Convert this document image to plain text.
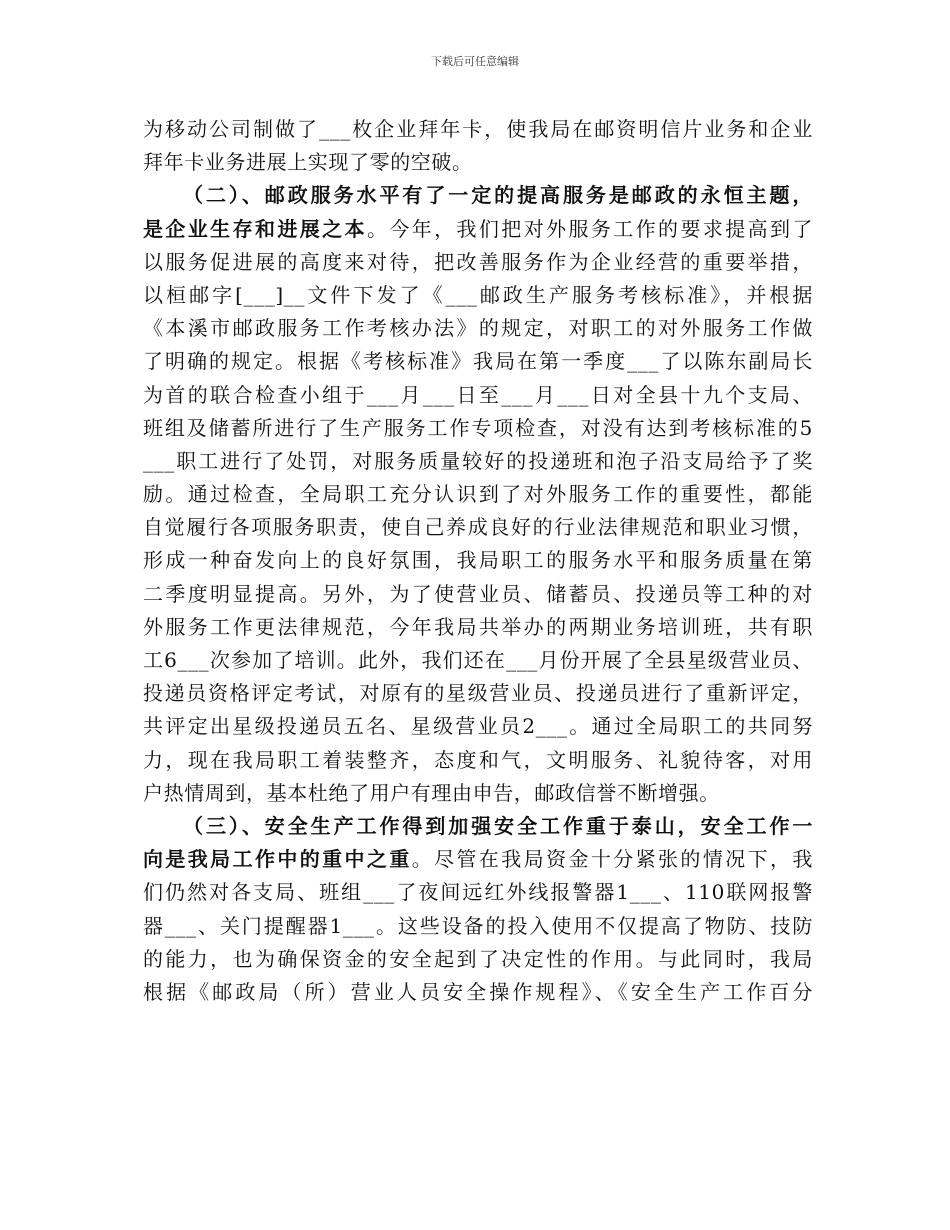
下载后可任意编辑
为移动公司制做了___枚企业拜年卡，使我局在邮资明信片业务和企业
拜年卡业务进展上实现了零的空破。
（二）、邮政服务水平有了一定的提高服务是邮政的永恒主题，
是企业生存和进展之本。今年，我们把对外服务工作的要求提高到了
以服务促进展的高度来对待，把改善服务作为企业经营的重要举措，
以桓邮字[___]__文件下发了《___邮政生产服务考核标准》，并根据
《本溪市邮政服务工作考核办法》的规定，对职工的对外服务工作做
了明确的规定。根据《考核标准》我局在第一季度___了以陈东副局长
为首的联合检查小组于___月___日至___月___日对全县十九个支局、
班组及储蓄所进行了生产服务工作专项检查，对没有达到考核标准的5
___职工进行了处罚，对服务质量较好的投递班和泡子沿支局给予了奖
励。通过检查，全局职工充分认识到了对外服务工作的重要性，都能
自觉履行各项服务职责，使自己养成良好的行业法律规范和职业习惯，
形成一种奋发向上的良好氛围，我局职工的服务水平和服务质量在第
二季度明显提高。另外，为了使营业员、储蓄员、投递员等工种的对
外服务工作更法律规范，今年我局共举办的两期业务培训班，共有职
工6___次参加了培训。此外，我们还在___月份开展了全县星级营业员、
投递员资格评定考试，对原有的星级营业员、投递员进行了重新评定，
共评定出星级投递员五名、星级营业员2___。通过全局职工的共同努
力，现在我局职工着装整齐，态度和气，文明服务、礼貌待客，对用
户热情周到，基本杜绝了用户有理由申告，邮政信誉不断增强。
（三）、安全生产工作得到加强安全工作重于泰山，安全工作一
向是我局工作中的重中之重。尽管在我局资金十分紧张的情况下，我
们仍然对各支局、班组___了夜间远红外线报警器1___、110联网报警
器___、关门提醒器1___。这些设备的投入使用不仅提高了物防、技防
的能力，也为确保资金的安全起到了决定性的作用。与此同时，我局
根据《邮政局（所）营业人员安全操作规程》、《安全生产工作百分
